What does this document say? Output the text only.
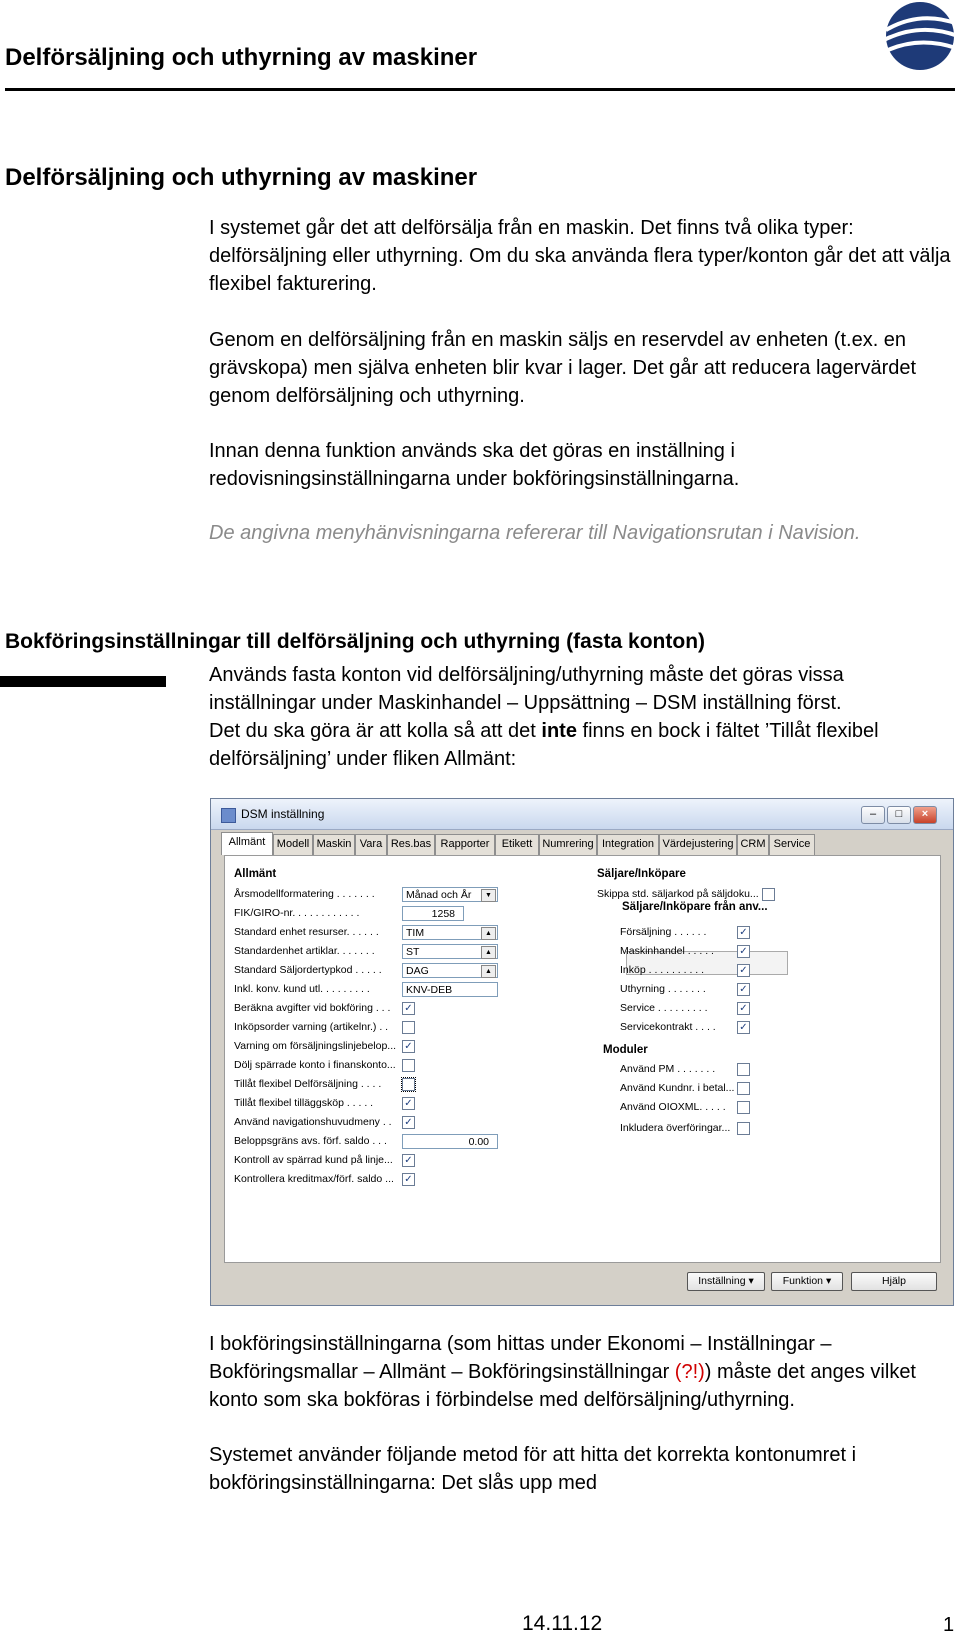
Delförsäljning och uthyrning av maskiner
Delförsäljning och uthyrning av maskiner

I systemet går det att delförsälja från en maskin. Det finns två olika typer: delförsäljning eller uthyrning. Om du ska använda flera typer/konton går det att välja flexibel fakturering.

Genom en delförsäljning från en maskin säljs en reservdel av enheten (t.ex. en grävskopa) men själva enheten blir kvar i lager. Det går att reducera lagervärdet genom delförsäljning och uthyrning.

Innan denna funktion används ska det göras en inställning i redovisningsinställningarna under bokföringsinställningarna.

De angivna menyhänvisningarna refererar till Navigationsrutan i Navision.

Bokföringsinställningar till delförsäljning och uthyrning (fasta konton)

Används fasta konton vid delförsäljning/uthyrning måste det göras vissa inställningar under Maskinhandel – Uppsättning – DSM inställning först.

Det du ska göra är att kolla så att det inte finns en bock i fältet ’Tillåt flexibel delförsäljning’ under fliken Allmänt:

DSM inställning	–	□	×
Allmänt	Modell Maskin Vara Res.bas Rapporter	Etikett Numrering Integration Värdejustering CRM Service
Allmänt
Årsmodellformatering . . . . . . .	Månad och År	▼
FIK/GIRO-nr. . . . . . . . . . . .	1258
Standard enhet resurser. . . . . .	TIM	▲
Standardenhet artiklar. . . . . . .	ST	▲
Standard Säljordertypkod . . . . .	DAG	▲
Inkl. konv. kund utl. . . . . . . . .	KNV-DEB
Beräkna avgifter vid bokföring . . . ✓
Inköpsorder varning (artikelnr.) . .
Varning om försäljningslinjebelop... ✓
Dölj spärrade konto i finanskonto...
Tillåt flexibel Delförsäljning . . . .
Tillåt flexibel tilläggsköp . . . . .	✓
Använd navigationshuvudmeny . . ✓
Beloppsgräns avs. förf. saldo . . .	0.00
Kontroll av spärrad kund på linje... ✓
Kontrollera kreditmax/förf. saldo ... ✓
Säljare/Inköpare
Skippa std. säljarkod på säljdoku...
Säljare/Inköpare från anv...
Försäljning . . . . . .	✓
Maskinhandel . . . . .	✓
Inköp . . . . . . . . . .	✓
Uthyrning . . . . . . .	✓
Service . . . . . . . . .	✓
Servicekontrakt . . . . ✓
Moduler
Använd PM . . . . . . .
Använd Kundnr. i betal...
Använd OIOXML. . . . .
Inkludera överföringar...
Inställning ▾	Funktion ▾	Hjälp

I bokföringsinställningarna (som hittas under Ekonomi – Inställningar – Bokföringsmallar – Allmänt – Bokföringsinställningar (?!)) måste det anges vilket konto som ska bokföras i förbindelse med delförsäljning/uthyrning.

Systemet använder följande metod för att hitta det korrekta kontonumret i bokföringsinställningarna: Det slås upp med

14.11.12	1
